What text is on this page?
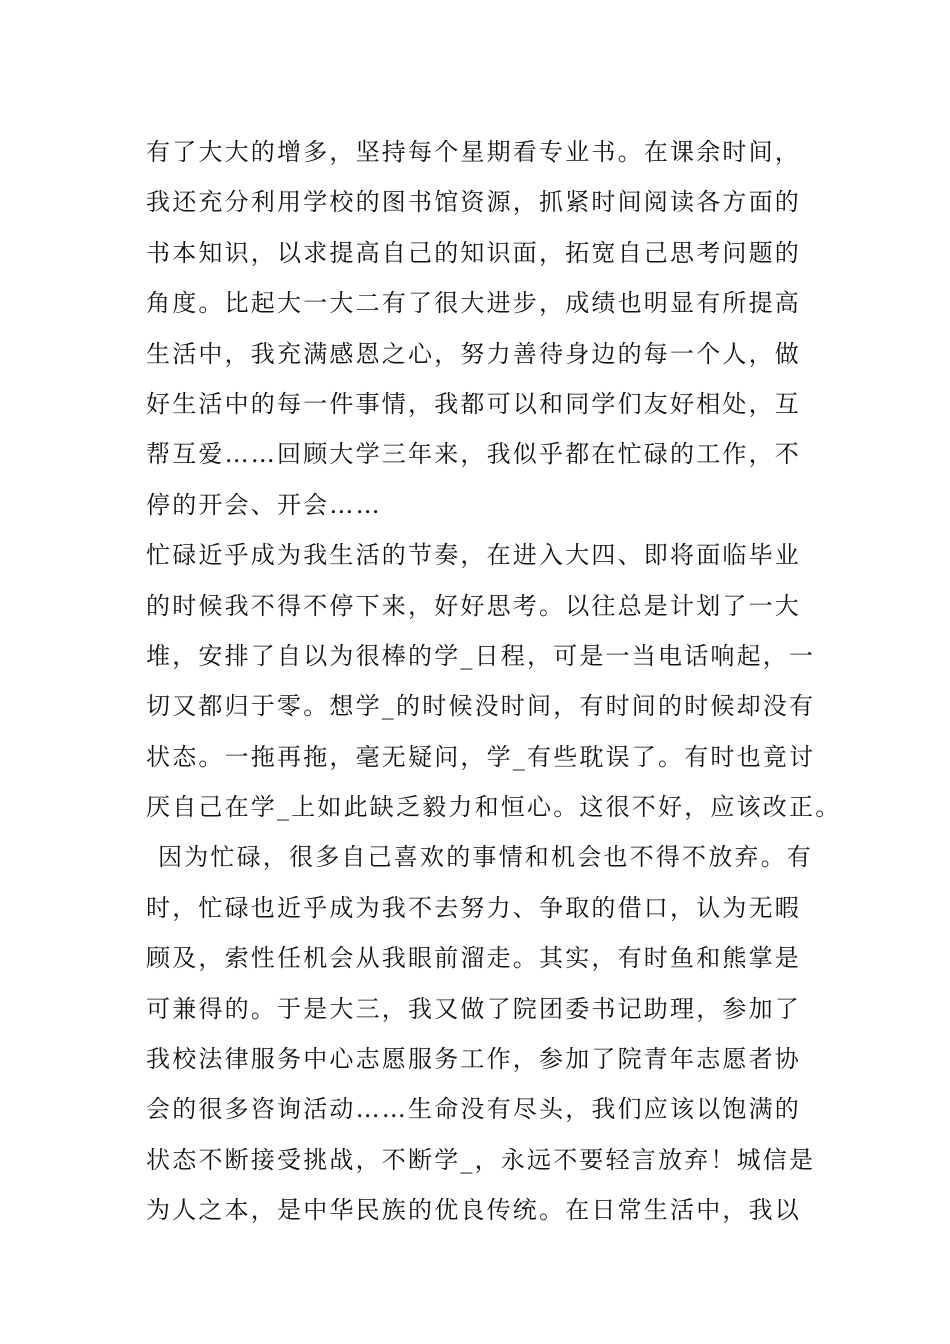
有了大大的增多，坚持每个星期看专业书。在课余时间，
我还充分利用学校的图书馆资源，抓紧时间阅读各方面的
书本知识，以求提高自己的知识面，拓宽自己思考问题的
角度。比起大一大二有了很大进步，成绩也明显有所提高
生活中，我充满感恩之心，努力善待身边的每一个人，做
好生活中的每一件事情，我都可以和同学们友好相处，互
帮互爱……回顾大学三年来，我似乎都在忙碌的工作，不
停的开会、开会……
忙碌近乎成为我生活的节奏，在进入大四、即将面临毕业
的时候我不得不停下来，好好思考。以往总是计划了一大
堆，安排了自以为很棒的学_日程，可是一当电话响起，一
切又都归于零。想学_的时候没时间，有时间的时候却没有
状态。一拖再拖，毫无疑问，学_有些耽误了。有时也竟讨
厌自己在学_上如此缺乏毅力和恒心。这很不好，应该改正。
因为忙碌，很多自己喜欢的事情和机会也不得不放弃。有
时，忙碌也近乎成为我不去努力、争取的借口，认为无暇
顾及，索性任机会从我眼前溜走。其实，有时鱼和熊掌是
可兼得的。于是大三，我又做了院团委书记助理，参加了
我校法律服务中心志愿服务工作，参加了院青年志愿者协
会的很多咨询活动……生命没有尽头，我们应该以饱满的
状态不断接受挑战，不断学_，永远不要轻言放弃！城信是
为人之本，是中华民族的优良传统。在日常生活中，我以
